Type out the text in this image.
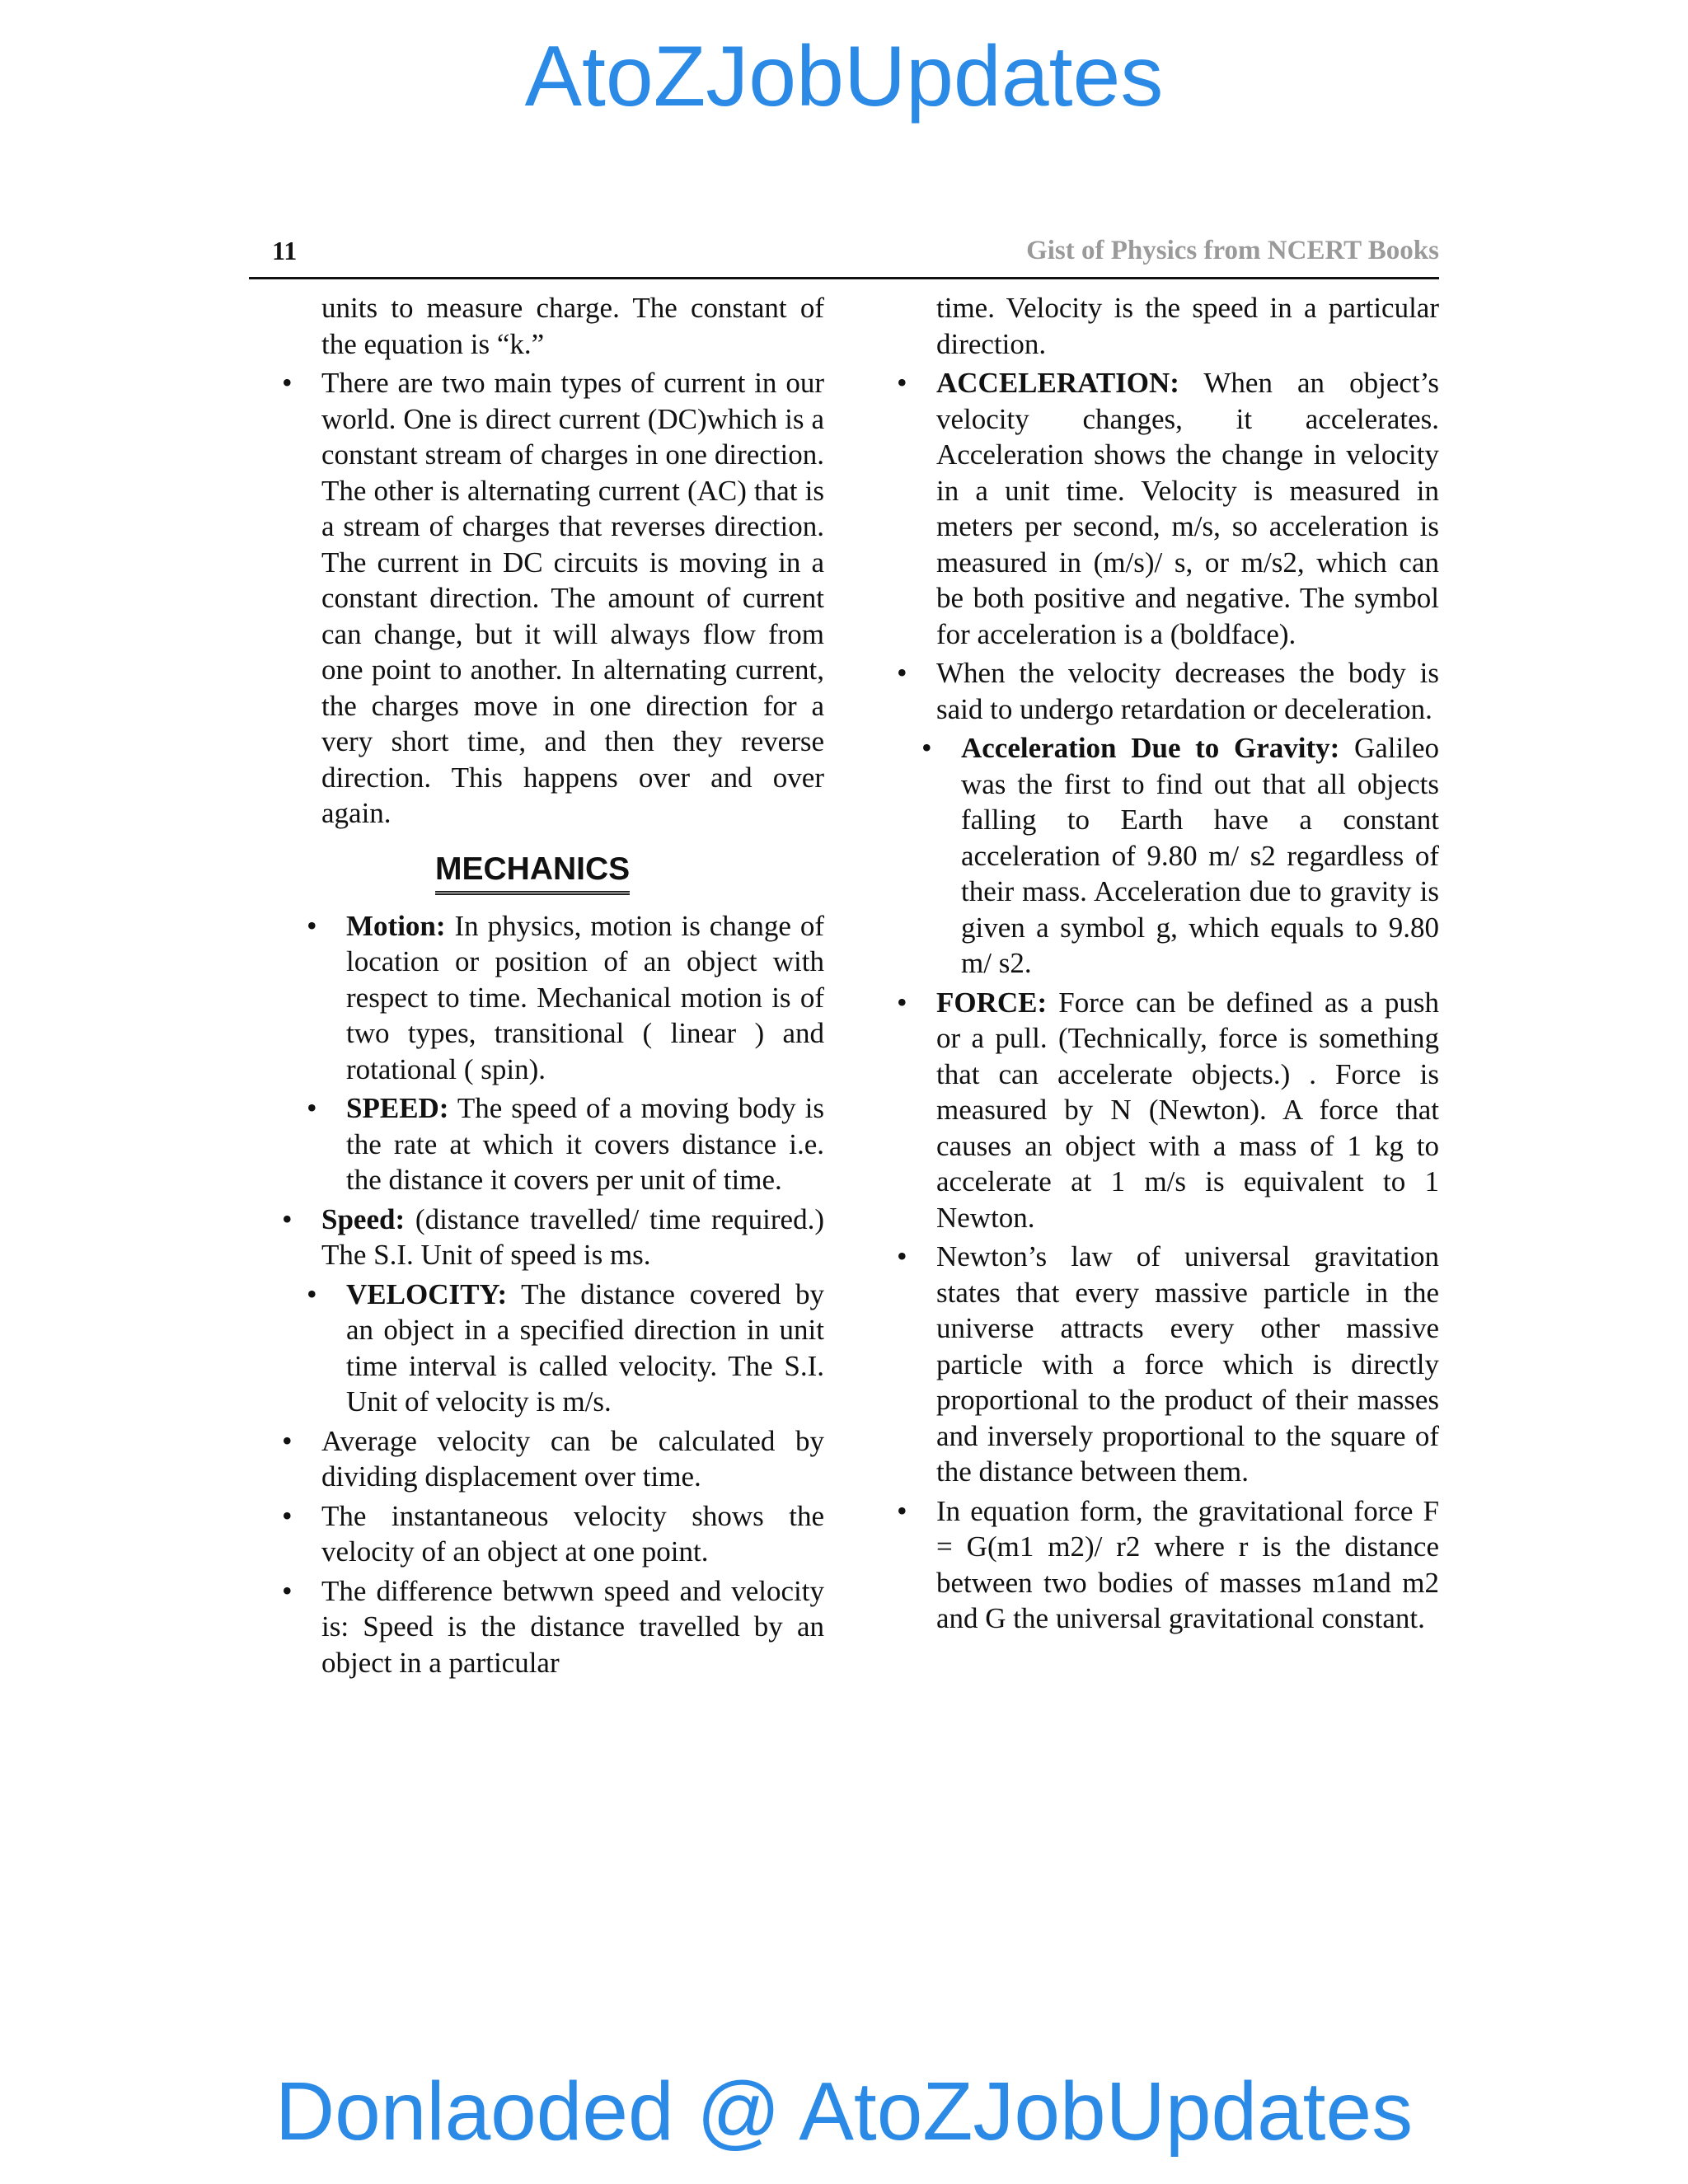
AtoZJobUpdates
11	Gist of Physics from NCERT Books

units to measure charge. The constant of the equation is “k.”

• There are two main types of current in our world. One is direct current (DC)which is a constant stream of charges in one direction. The other is alternating current (AC) that is a stream of charges that reverses direction. The current in DC circuits is moving in a constant direction. The amount of current can change, but it will always flow from one point to another. In alternating current, the charges move in one direction for a very short time, and then they reverse direction. This happens over and over again.
MECHANICS
• Motion: In physics, motion is change of location or position of an object with respect to time. Mechanical motion is of two types, transitional ( linear ) and rotational ( spin).
• SPEED: The speed of a moving body is the rate at which it covers distance i.e. the distance it covers per unit of time.
• Speed: (distance travelled/ time required.) The S.I. Unit of speed is ms.
• VELOCITY: The distance covered by an object in a specified direction in unit time interval is called velocity. The S.I. Unit of velocity is m/s.
• Average velocity can be calculated by dividing displacement over time.
• The instantaneous velocity shows the velocity of an object at one point.
• The difference betwwn speed and velocity is: Speed is the distance travelled by an object in a particular

time. Velocity is the speed in a particular direction.

• ACCELERATION: When an object’s velocity changes, it accelerates. Acceleration shows the change in velocity in a unit time. Velocity is measured in meters per second, m/s, so acceleration is measured in (m/s)/ s, or m/s2, which can be both positive and negative. The symbol for acceleration is a (boldface).
• When the velocity decreases the body is said to undergo retardation or deceleration.
• Acceleration Due to Gravity: Galileo was the first to find out that all objects falling to Earth have a constant acceleration of 9.80 m/ s2 regardless of their mass. Acceleration due to gravity is given a symbol g, which equals to 9.80 m/ s2.
• FORCE: Force can be defined as a push or a pull. (Technically, force is something that can accelerate objects.) . Force is measured by N (Newton). A force that causes an object with a mass of 1 kg to accelerate at 1 m/s is equivalent to 1 Newton.
• Newton’s law of universal gravitation states that every massive particle in the universe attracts every other massive particle with a force which is directly proportional to the product of their masses and inversely proportional to the square of the distance between them.
• In equation form, the gravitational force F = G(m1 m2)/ r2 where r is the distance between two bodies of masses m1and m2 and G the universal gravitational constant.
Donlaoded @ AtoZJobUpdates
